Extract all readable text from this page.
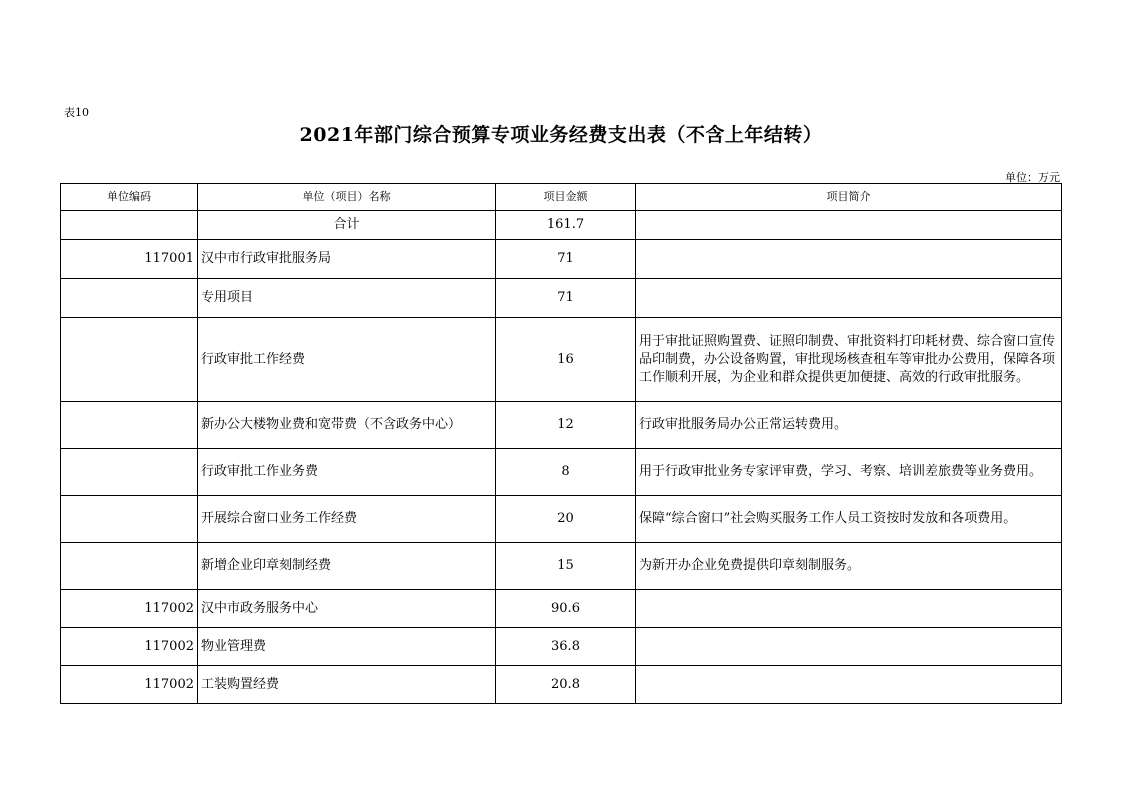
表10
2021年部门综合预算专项业务经费支出表（不含上年结转）
单位：万元
单位编码	单位（项目）名称	项目金额	项目简介
	合计	161.7	
117001	汉中市行政审批服务局	71	
	专用项目	71	
	行政审批工作经费	16	用于审批证照购置费、证照印制费、审批资料打印耗材费、综合窗口宣传品印制费，办公设备购置，审批现场核查租车等审批办公费用，保障各项工作顺利开展，为企业和群众提供更加便捷、高效的行政审批服务。
	新办公大楼物业费和宽带费（不含政务中心）	12	行政审批服务局办公正常运转费用。
	行政审批工作业务费	8	用于行政审批业务专家评审费，学习、考察、培训差旅费等业务费用。
	开展综合窗口业务工作经费	20	保障“综合窗口”社会购买服务工作人员工资按时发放和各项费用。
	新增企业印章刻制经费	15	为新开办企业免费提供印章刻制服务。
117002	汉中市政务服务中心	90.6	
117002	物业管理费	36.8	
117002	工装购置经费	20.8	
